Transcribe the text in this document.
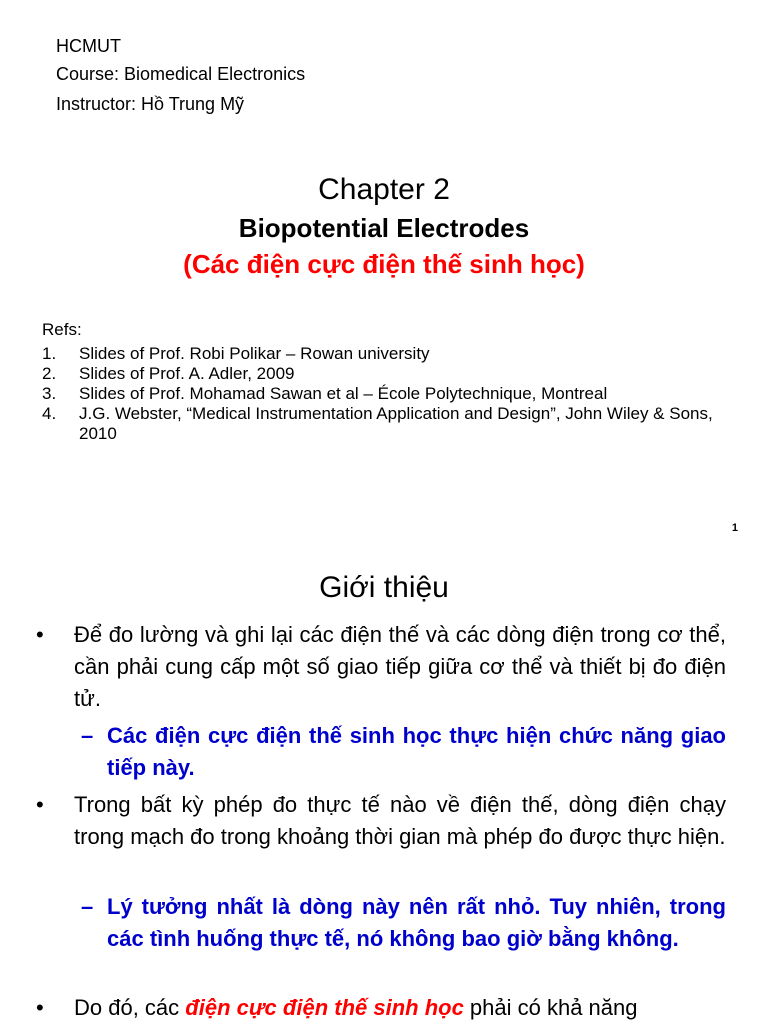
HCMUT
Course: Biomedical Electronics
Instructor: Hồ Trung Mỹ
Chapter 2
Biopotential Electrodes
(Các điện cực điện thế sinh học)
Refs:

1. Slides of Prof. Robi Polikar – Rowan university

2. Slides of Prof. A. Adler, 2009

3. Slides of Prof. Mohamad Sawan et al – École Polytechnique, Montreal

4. J.G. Webster, “Medical Instrumentation Application and Design”, John Wiley & Sons, 2010

1
Giới thiệu
•	Để đo lường và ghi lại các điện thế và các dòng điện trong cơ thể, cần phải cung cấp một số giao tiếp giữa cơ thể và thiết bị đo điện tử.
– Các điện cực điện thế sinh học thực hiện chức năng giao tiếp này.
•	Trong bất kỳ phép đo thực tế nào về điện thế, dòng điện chạy trong mạch đo trong khoảng thời gian mà phép đo được thực hiện.
– Lý tưởng nhất là dòng này nên rất nhỏ. Tuy nhiên, trong các tình huống thực tế, nó không bao giờ bằng không.
•	Do đó, các điện cực điện thế sinh học phải có khả năng
